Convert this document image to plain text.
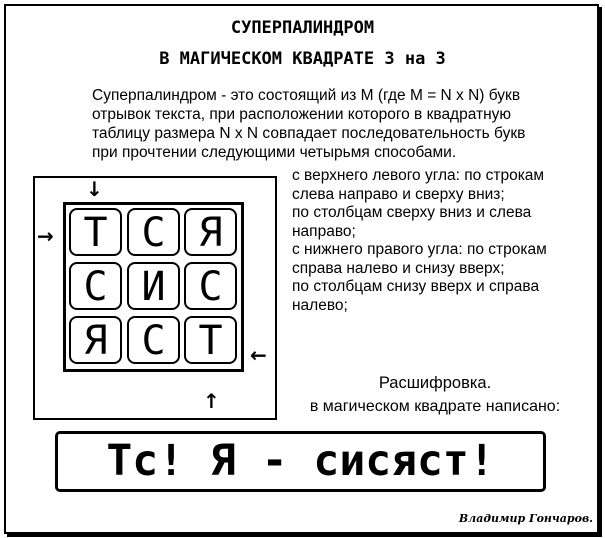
СУПЕРПАЛИНДРОМ
В МАГИЧЕСКОМ КВАДРАТЕ 3 на 3
Суперпалиндром - это состоящий из М (где М = N х N) букв
отрывок текста, при расположении которого в квадратную
таблицу размера N х N совпадает последовательность букв
при прочтении следующими четырьмя способами.
↓
→
←
↑
Т С Я
С И С
Я С Т
с верхнего левого угла: по строкам
слева направо и сверху вниз;
по столбцам сверху вниз и слева
направо;
с нижнего правого угла: по строкам
справа налево и снизу вверх;
по столбцам снизу вверх и справа
налево;
Расшифровка.
в магическом квадрате написано:
Тс! Я - сисяст!
Владимир Гончаров.
